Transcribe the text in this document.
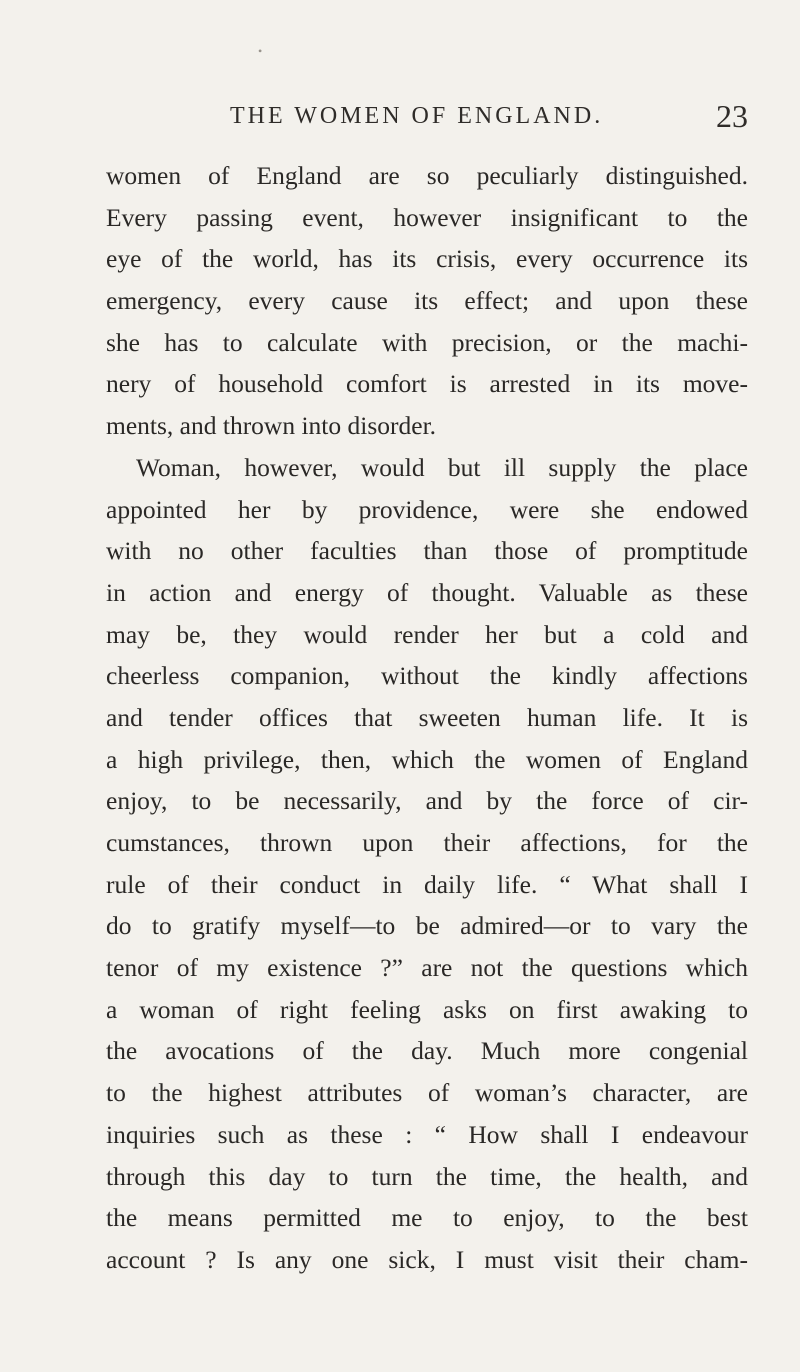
•
THE WOMEN OF ENGLAND.	23
women of England are so peculiarly distinguished.
Every passing event, however insignificant to the
eye of the world, has its crisis, every occurrence its
emergency, every cause its effect; and upon these
she has to calculate with precision, or the machi-
nery of household comfort is arrested in its move-
ments, and thrown into disorder.
Woman, however, would but ill supply the place
appointed her by providence, were she endowed
with no other faculties than those of promptitude
in action and energy of thought. Valuable as these
may be, they would render her but a cold and
cheerless companion, without the kindly affections
and tender offices that sweeten human life. It is
a high privilege, then, which the women of England
enjoy, to be necessarily, and by the force of cir-
cumstances, thrown upon their affections, for the
rule of their conduct in daily life. “ What shall I
do to gratify myself—to be admired—or to vary the
tenor of my existence ?” are not the questions which
a woman of right feeling asks on first awaking to
the avocations of the day. Much more congenial
to the highest attributes of woman’s character, are
inquiries such as these : “ How shall I endeavour
through this day to turn the time, the health, and
the means permitted me to enjoy, to the best
account ? Is any one sick, I must visit their cham-
